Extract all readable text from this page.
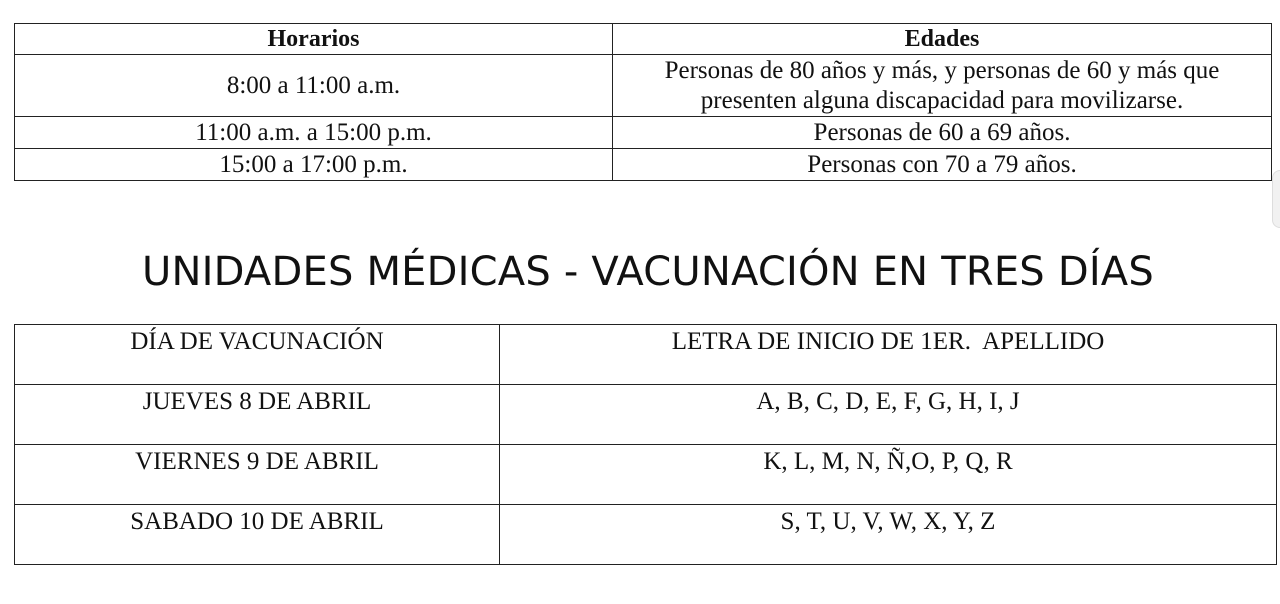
Horarios	Edades
8:00 a 11:00 a.m.	Personas de 80 años y más, y personas de 60 y más que
presenten alguna discapacidad para movilizarse.

11:00 a.m. a 15:00 p.m.	Personas de 60 a 69 años.
15:00 a 17:00 p.m.	Personas con 70 a 79 años.
UNIDADES MÉDICAS - VACUNACIÓN EN TRES DÍAS
DÍA DE VACUNACIÓN	LETRA DE INICIO DE 1ER.  APELLIDO
JUEVES 8 DE ABRIL	A, B, C, D, E, F, G, H, I, J
VIERNES 9 DE ABRIL	K, L, M, N, Ñ,O, P, Q, R
SABADO 10 DE ABRIL	S, T, U, V, W, X, Y, Z
